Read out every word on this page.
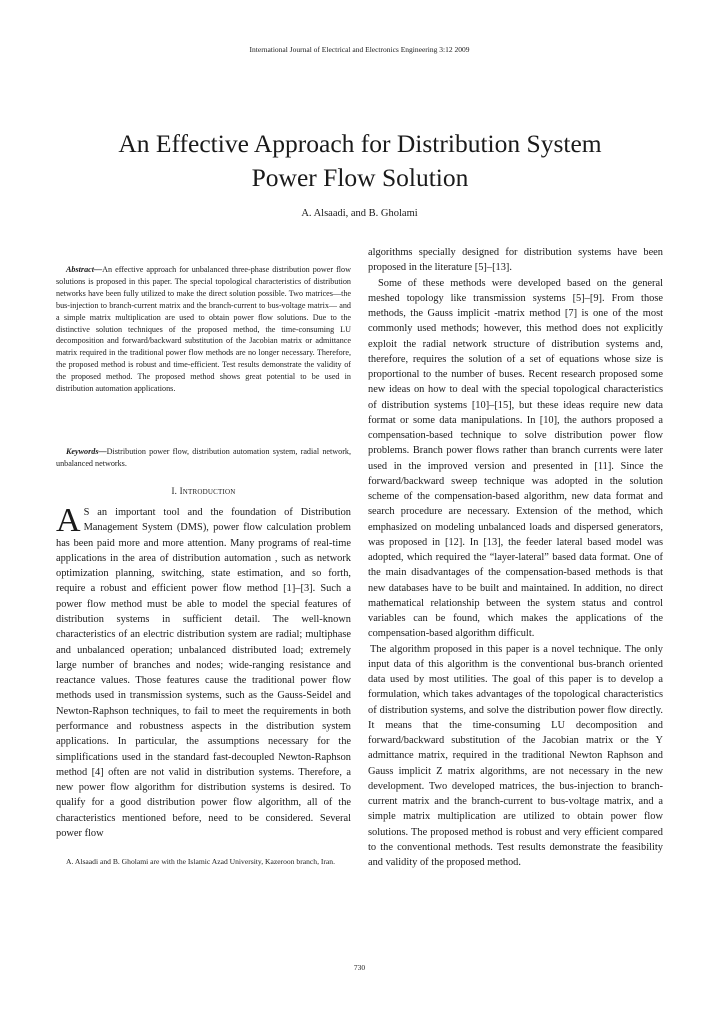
International Journal of Electrical and Electronics Engineering 3:12 2009
An Effective Approach for Distribution System
Power Flow Solution
A. Alsaadi, and B. Gholami
Abstract—An effective approach for unbalanced three-phase distribution power flow solutions is proposed in this paper. The special topological characteristics of distribution networks have been fully utilized to make the direct solution possible. Two matrices—the bus-injection to branch-current matrix and the branch-current to bus-voltage matrix— and a simple matrix multiplication are used to obtain power flow solutions. Due to the distinctive solution techniques of the proposed method, the time-consuming LU decomposition and forward/backward substitution of the Jacobian matrix or admittance matrix required in the traditional power flow methods are no longer necessary. Therefore, the proposed method is robust and time-efficient. Test results demonstrate the validity of the proposed method. The proposed method shows great potential to be used in distribution automation applications.
Keywords—Distribution power flow, distribution automation system, radial network, unbalanced networks.
I. INTRODUCTION
A S an important tool and the foundation of Distribution Management System (DMS), power flow calculation problem has been paid more and more attention. Many programs of real-time applications in the area of distribution automation , such as network optimization planning, switching, state estimation, and so forth, require a robust and efficient power flow method [1]–[3]. Such a power flow method must be able to model the special features of distribution systems in sufficient detail. The well-known characteristics of an electric distribution system are radial; multiphase and unbalanced operation; unbalanced distributed load; extremely large number of branches and nodes; wide-ranging resistance and reactance values. Those features cause the traditional power flow methods used in transmission systems, such as the Gauss-Seidel and Newton-Raphson techniques, to fail to meet the requirements in both performance and robustness aspects in the distribution system applications. In particular, the assumptions necessary for the simplifications used in the standard fast-decoupled Newton-Raphson method [4] often are not valid in distribution systems. Therefore, a new power flow algorithm for distribution systems is desired. To qualify for a good distribution power flow algorithm, all of the characteristics mentioned before, need to be considered. Several power flow
A. Alsaadi and B. Gholami are with the Islamic Azad University, Kazeroon branch, Iran.

algorithms specially designed for distribution systems have been proposed in the literature [5]–[13].

Some of these methods were developed based on the general meshed topology like transmission systems [5]–[9]. From those methods, the Gauss implicit -matrix method [7] is one of the most commonly used methods; however, this method does not explicitly exploit the radial network structure of distribution systems and, therefore, requires the solution of a set of equations whose size is proportional to the number of buses. Recent research proposed some new ideas on how to deal with the special topological characteristics of distribution systems [10]–[15], but these ideas require new data format or some data manipulations. In [10], the authors proposed a compensation-based technique to solve distribution power flow problems. Branch power flows rather than branch currents were later used in the improved version and presented in [11]. Since the forward/backward sweep technique was adopted in the solution scheme of the compensation-based algorithm, new data format and search procedure are necessary. Extension of the method, which emphasized on modeling unbalanced loads and dispersed generators, was proposed in [12]. In [13], the feeder lateral based model was adopted, which required the “layer-lateral” based data format. One of the main disadvantages of the compensation-based methods is that new databases have to be built and maintained. In addition, no direct mathematical relationship between the system status and control variables can be found, which makes the applications of the compensation-based algorithm difficult.

The algorithm proposed in this paper is a novel technique. The only input data of this algorithm is the conventional bus-branch oriented data used by most utilities. The goal of this paper is to develop a formulation, which takes advantages of the topological characteristics of distribution systems, and solve the distribution power flow directly. It means that the time-consuming LU decomposition and forward/backward substitution of the Jacobian matrix or the Y admittance matrix, required in the traditional Newton Raphson and Gauss implicit Z matrix algorithms, are not necessary in the new development. Two developed matrices, the bus-injection to branch-current matrix and the branch-current to bus-voltage matrix, and a simple matrix multiplication are utilized to obtain power flow solutions. The proposed method is robust and very efficient compared to the conventional methods. Test results demonstrate the feasibility and validity of the proposed method.

730
